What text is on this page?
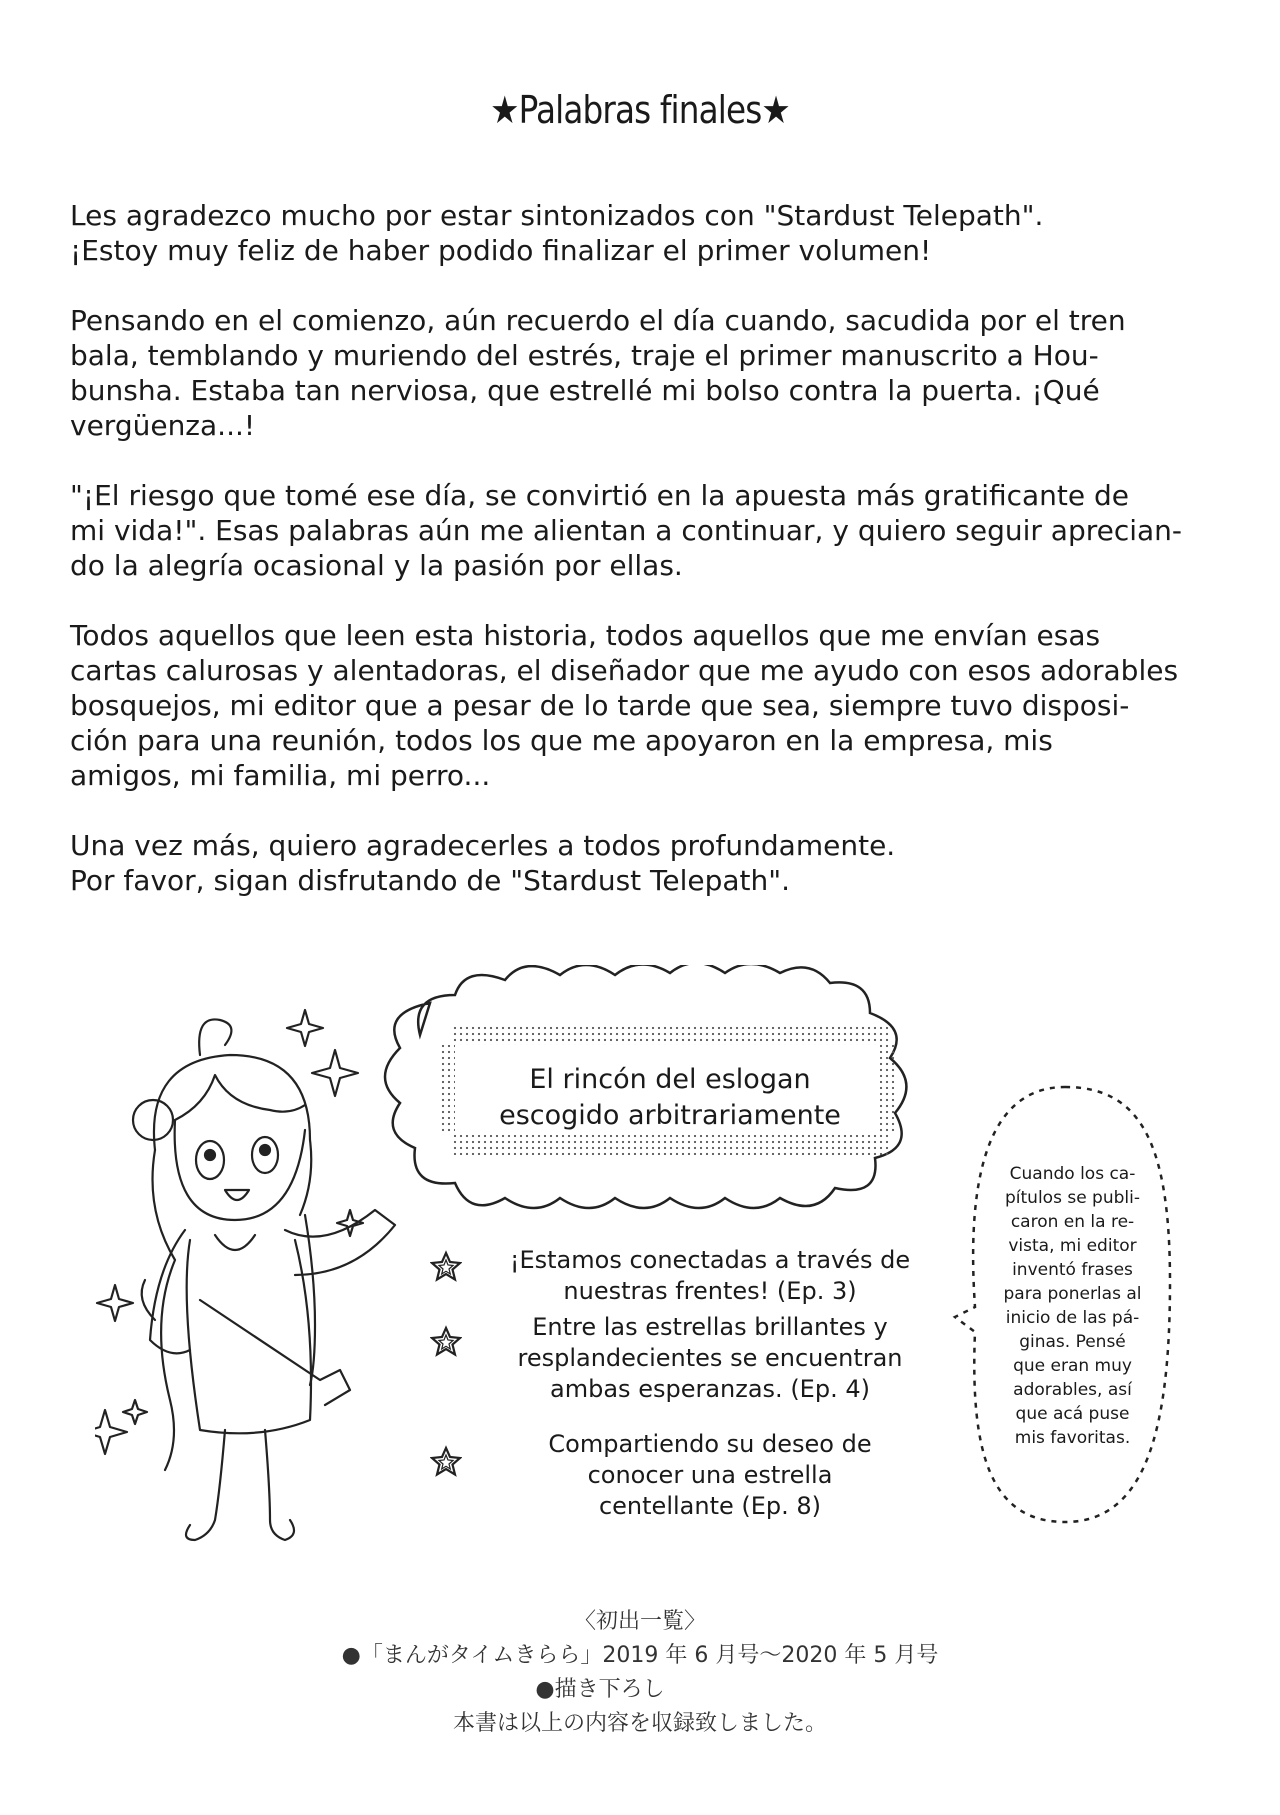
★Palabras finales★

Les agradezco mucho por estar sintonizados con "Stardust Telepath".
¡Estoy muy feliz de haber podido finalizar el primer volumen!

Pensando en el comienzo, aún recuerdo el día cuando, sacudida por el tren
bala, temblando y muriendo del estrés, traje el primer manuscrito a Hou-
bunsha. Estaba tan nerviosa, que estrellé mi bolso contra la puerta. ¡Qué
vergüenza...!

"¡El riesgo que tomé ese día, se convirtió en la apuesta más gratificante de
mi vida!". Esas palabras aún me alientan a continuar, y quiero seguir aprecian-
do la alegría ocasional y la pasión por ellas.

Todos aquellos que leen esta historia, todos aquellos que me envían esas
cartas calurosas y alentadoras, el diseñador que me ayudo con esos adorables
bosquejos, mi editor que a pesar de lo tarde que sea, siempre tuvo disposi-
ción para una reunión, todos los que me apoyaron en la empresa, mis
amigos, mi familia, mi perro...

Una vez más, quiero agradecerles a todos profundamente.
Por favor, sigan disfrutando de "Stardust Telepath".

El rincón del eslogan
escogido arbitrariamente
¡Estamos conectadas a través de
nuestras frentes! (Ep. 3)
Entre las estrellas brillantes y
resplandecientes se encuentran
ambas esperanzas. (Ep. 4)
Compartiendo su deseo de
conocer una estrella
centellante (Ep. 8)
Cuando los ca-
pítulos se publi-
caron en la re-
vista, mi editor
inventó frases
para ponerlas al
inicio de las pá-
ginas. Pensé
que eran muy
adorables, así
que acá puse
mis favoritas.
〈初出一覧〉
●「まんがタイムきらら」2019 年 6 月号〜2020 年 5 月号
●描き下ろし
本書は以上の内容を収録致しました。
